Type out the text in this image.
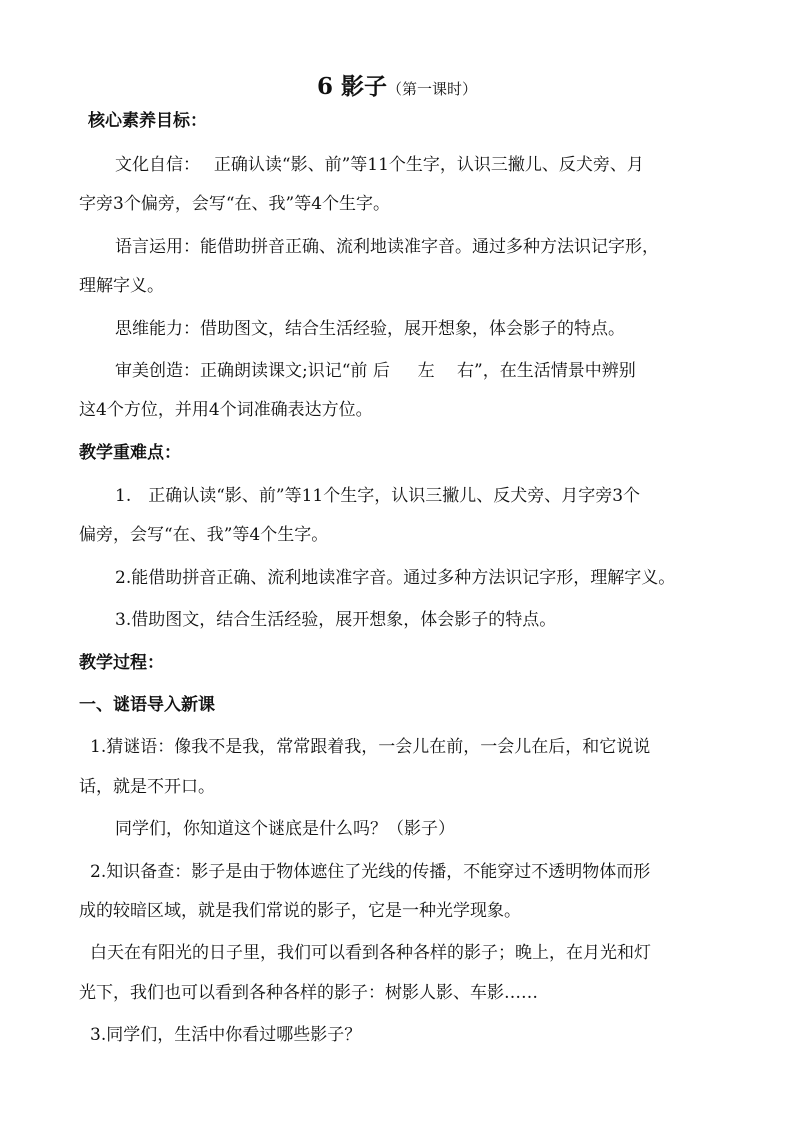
6 影子（第一课时）
核心素养目标：
文化自信：　 正确认读“影、前”等11个生字，认识三撇儿、反犬旁、月
字旁3个偏旁，会写“在、我”等4个生字。
语言运用：能借助拼音正确、流利地读准字音。通过多种方法识记字形，
理解字义。
思维能力：借助图文，结合生活经验，展开想象，体会影子的特点。
审美创造：正确朗读课文;识记“前 后 　 左 　右”，在生活情景中辨别
这4个方位，并用4个词准确表达方位。
教学重难点：
1.　正确认读“影、前”等11个生字，认识三撇儿、反犬旁、月字旁3个
偏旁，会写“在、我”等4个生字。
2.能借助拼音正确、流利地读准字音。通过多种方法识记字形，理解字义。
3.借助图文，结合生活经验，展开想象，体会影子的特点。
教学过程：
一、谜语导入新课
1.猜谜语：像我不是我，常常跟着我，一会儿在前，一会儿在后，和它说说
话，就是不开口。
同学们，你知道这个谜底是什么吗？（影子）
2.知识备查：影子是由于物体遮住了光线的传播，不能穿过不透明物体而形
成的较暗区域，就是我们常说的影子，它是一种光学现象。
白天在有阳光的日子里，我们可以看到各种各样的影子；晚上，在月光和灯
光下，我们也可以看到各种各样的影子：树影人影、车影……
3.同学们，生活中你看过哪些影子？
